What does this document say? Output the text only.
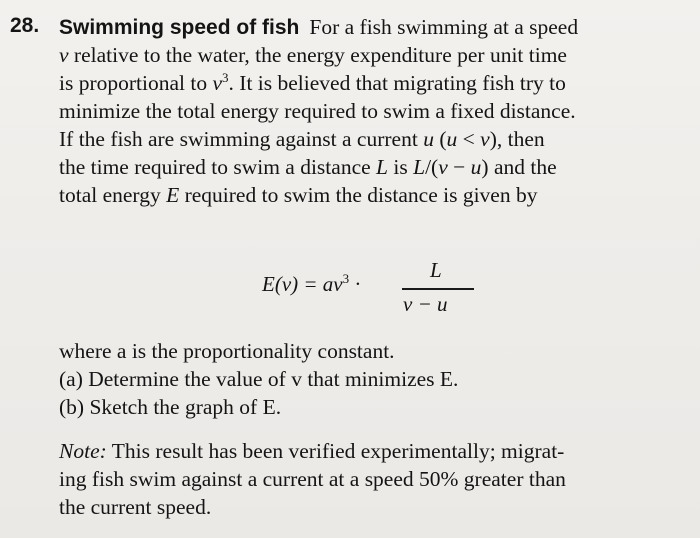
28. Swimming speed of fish For a fish swimming at a speed
v relative to the water, the energy expenditure per unit time
is proportional to $v^3$. It is believed that migrating fish try to
minimize the total energy required to swim a fixed distance.
If the fish are swimming against a current u (u < v), then
the time required to swim a distance L is L/(v − u) and the
total energy E required to swim the distance is given by
$E(v) = av^3$ ·
L
v − u
where a is the proportionality constant.
(a) Determine the value of v that minimizes E.
(b) Sketch the graph of E.
Note: This result has been verified experimentally; migrat-
ing fish swim against a current at a speed 50% greater than
the current speed.
